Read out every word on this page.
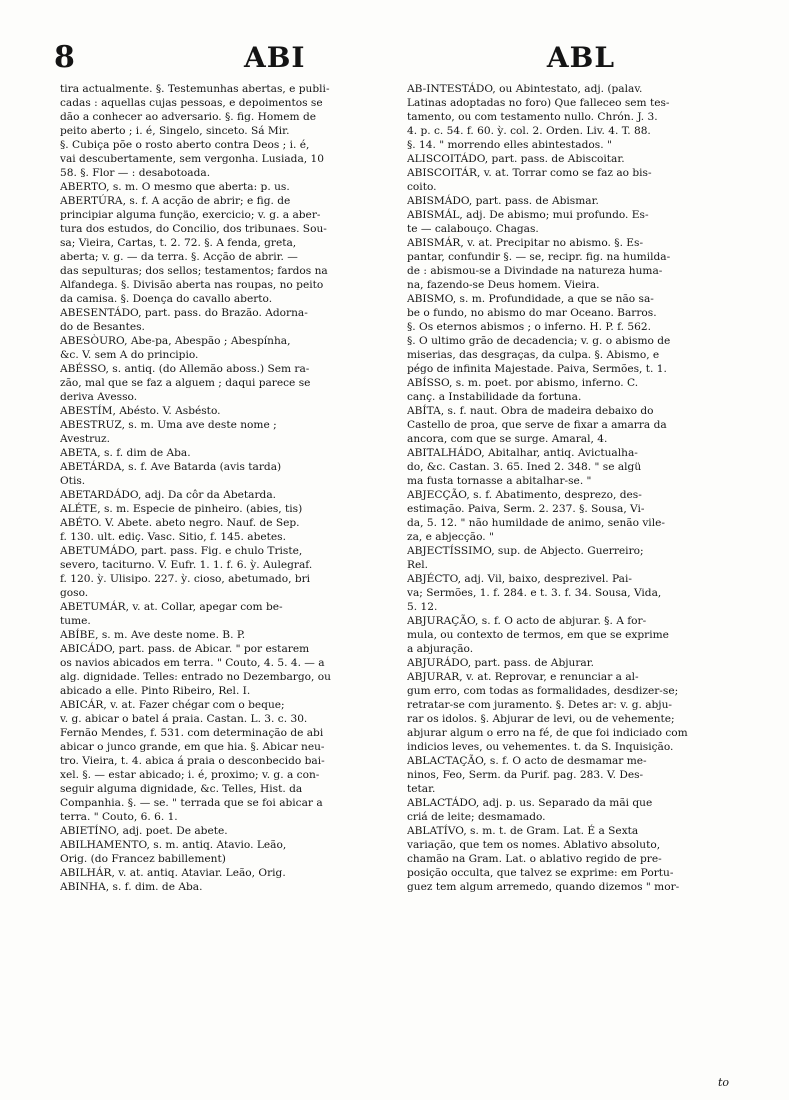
8	ABI	ABL
tira actualmente. §. Testemunhas abertas, e publi-
cadas : aquellas cujas pessoas, e depoimentos se
dão a conhecer ao adversario. §. fig. Homem de
peito aberto ; i. é, Singelo, sinceto. Sá Mir.
§. Cubiça põe o rosto aberto contra Deos ; i. é,
vai descubertamente, sem vergonha. Lusiada, 10
58. §. Flor — : desabotoada.
ABERTO, s. m. O mesmo que aberta: p. us.
ABERTÚRA, s. f. A acção de abrir; e fig. de
principiar alguma funçäo, exercicio; v. g. a aber-
tura dos estudos, do Concilio, dos tribunaes. Sou-
sa; Vieira, Cartas, t. 2. 72. §. A fenda, greta,
aberta; v. g. — da terra. §. Acção de abrir. —
das sepulturas; dos sellos; testamentos; fardos na
Alfandega. §. Divisão aberta nas roupas, no peito
da camisa. §. Doença do cavallo aberto.
ABESENTÁDO, part. pass. do Brazão. Adorna-
do de Besantes.
ABESÒURO, Abe-pa, Abespão ; Abespínha,
&c. V. sem A do principio.
ABÉSSO, s. antiq. (do Allemão aboss.) Sem ra-
zão, mal que se faz a alguem ; daqui parece se
deriva Avesso.
ABESTÍM, Abésto. V. Asbésto.
ABESTRUZ, s. m. Uma ave deste nome ;
Avestruz.
ABETA, s. f. dim de Aba.
ABETÁRDA, s. f. Ave Batarda (avis tarda)
Otis.
ABETARDÁDO, adj. Da côr da Abetarda.
ALÉTE, s. m. Especie de pinheiro. (abies, tis)
ABÉTO. V. Abete. abeto negro. Nauf. de Sep.
f. 130. ult. ediç. Vasc. Sitio, f. 145. abetes.
ABETUMÁDO, part. pass. Fig. e chulo Triste,
severo, taciturno. V. Eufr. 1. 1. f. 6. ỳ. Aulegraf.
f. 120. ỳ. Ulisipo. 227. ỳ. cioso, abetumado, bri
goso.
ABETUMÁR, v. at. Collar, apegar com be-
tume.
ABÍBE, s. m. Ave deste nome. B. P.
ABICÁDO, part. pass. de Abicar. " por estarem
os navios abicados em terra. " Couto, 4. 5. 4. — a
alg. dignidade. Telles: entrado no Dezembargo, ou
abicado a elle. Pinto Ribeiro, Rel. I.
ABICÁR, v. at. Fazer chégar com o beque;
v. g. abicar o batel á praia. Castan. L. 3. c. 30.
Fernão Mendes, f. 531. com determinação de abi
abicar o junco grande, em que hia. §. Abicar neu-
tro. Vieira, t. 4. abica á praia o desconbecido bai-
xel. §. — estar abicado; i. é, proximo; v. g. a con-
seguir alguma dignidade, &c. Telles, Hist. da
Companhia. §. — se. " terrada que se foi abicar a
terra. " Couto, 6. 6. 1.
ABIETÍNO, adj. poet. De abete.
ABILHAMENTO, s. m. antiq. Atavio. Leão,
Orig. (do Francez babillement)
ABILHÁR, v. at. antiq. Ataviar. Leão, Orig.
ABINHA, s. f. dim. de Aba.
AB-INTESTÁDO, ou Abintestato, adj. (palav.
Latinas adoptadas no foro) Que falleceo sem tes-
tamento, ou com testamento nullo. Chrón. J. 3.
4. p. c. 54. f. 60. ỳ. col. 2. Orden. Liv. 4. T. 88.
§. 14. " morrendo elles abintestados. "
ALISCOITÁDO, part. pass. de Abiscoitar.
ABISCOITÁR, v. at. Torrar como se faz ao bis-
coito.
ABISMÁDO, part. pass. de Abismar.
ABISMÁL, adj. De abismo; mui profundo. Es-
te — calabouço. Chagas.
ABISMÁR, v. at. Precipitar no abismo. §. Es-
pantar, confundir §. — se, recipr. fig. na humilda-
de : abismou-se a Divindade na natureza huma-
na, fazendo-se Deus homem. Vieira.
ABISMO, s. m. Profundidade, a que se não sa-
be o fundo, no abismo do mar Oceano. Barros.
§. Os eternos abismos ; o inferno. H. P. f. 562.
§. O ultimo grão de decadencia; v. g. o abismo de
miserias, das desgraças, da culpa. §. Abismo, e
pégo de infinita Majestade. Paiva, Sermões, t. 1.
ABÍSSO, s. m. poet. por abismo, inferno. C.
canç. a Instabilidade da fortuna.
ABÍTA, s. f. naut. Obra de madeira debaixo do
Castello de proa, que serve de fixar a amarra da
ancora, com que se surge. Amaral, 4.
ABITALHÁDO, Abitalhar, antiq. Avictualha-
do, &c. Castan. 3. 65. Ined 2. 348. " se algü
ma fusta tornasse a abitalhar-se. "
ABJECÇÃO, s. f. Abatimento, desprezo, des-
estimação. Paiva, Serm. 2. 237. §. Sousa, Vi-
da, 5. 12. " não humildade de animo, senão vile-
za, e abjecção. "
ABJECTÍSSIMO, sup. de Abjecto. Guerreiro;
Rel.
ABJÉCTO, adj. Vil, baixo, desprezivel. Pai-
va; Sermões, 1. f. 284. e t. 3. f. 34. Sousa, Vida,
5. 12.
ABJURAÇÃO, s. f. O acto de abjurar. §. A for-
mula, ou contexto de termos, em que se exprime
a abjuração.
ABJURÁDO, part. pass. de Abjurar.
ABJURAR, v. at. Reprovar, e renunciar a al-
gum erro, com todas as formalidades, desdizer-se;
retratar-se com juramento. §. Detes ar: v. g. abju-
rar os idolos. §. Abjurar de levi, ou de vehemente;
abjurar algum o erro na fé, de que foi indiciado com
indicios leves, ou vehementes. t. da S. Inquisição.
ABLACTAÇÃO, s. f. O acto de desmamar me-
ninos, Feo, Serm. da Purif. pag. 283. V. Des-
tetar.
ABLACTÁDO, adj. p. us. Separado da mãi que
criá de leite; desmamado.
ABLATÍVO, s. m. t. de Gram. Lat. É a Sexta
variação, que tem os nomes. Ablativo absoluto,
chamão na Gram. Lat. o ablativo regido de pre-
posição occulta, que talvez se exprime: em Portu-
guez tem algum arremedo, quando dizemos " mor-
to
